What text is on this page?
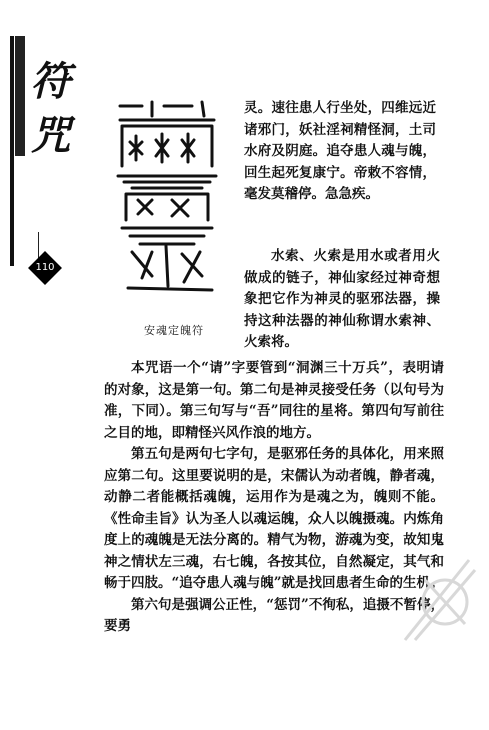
符咒
110
安魂定魄符
灵。速往患人行坐处，四维远近诸邪门，妖社淫祠精怪洞，土司水府及阴庭。追夺患人魂与魄，回生起死复康宁。帝敕不容情，毫发莫稽停。急急疾。

水索、火索是用水或者用火做成的链子，神仙家经过神奇想象把它作为神灵的驱邪法器，操持这种法器的神仙称谓水索神、火索将。

本咒语一个“请”字要管到“洞渊三十万兵”，表明请的对象，这是第一句。第二句是神灵接受任务（以句号为准，下同）。第三句写与“吾”同往的星将。第四句写前往之目的地，即精怪兴风作浪的地方。

第五句是两句七字句，是驱邪任务的具体化，用来照应第二句。这里要说明的是，宋儒认为动者魄，静者魂，动静二者能概括魂魄，运用作为是魂之为，魄则不能。《性命圭旨》认为圣人以魂运魄，众人以魄摄魂。内炼角度上的魂魄是无法分离的。精气为物，游魂为变，故知鬼神之情状左三魂，右七魄，各按其位，自然凝定，其气和畅于四肢。“追夺患人魂与魄”就是找回患者生命的生机。

第六句是强调公正性，“惩罚”不徇私，追摄不暂停，要勇
